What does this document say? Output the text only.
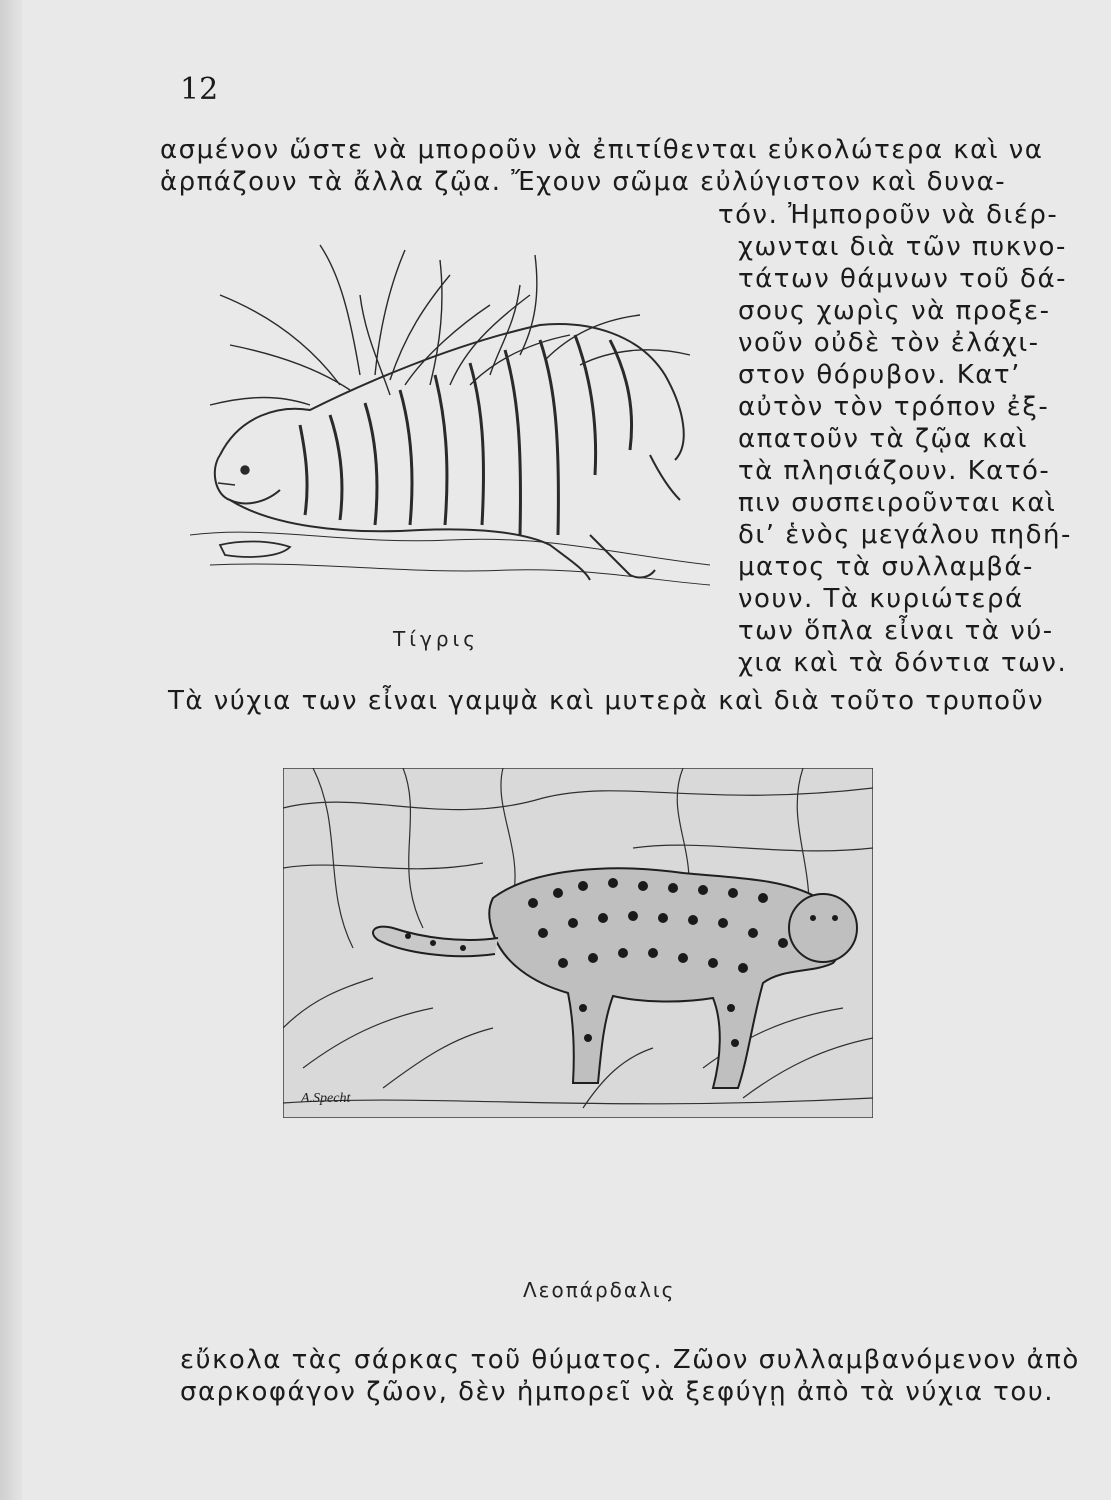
12
ασμένον ὥστε νὰ μποροῦν νὰ ἐπιτίθενται εὐκολώτερα καὶ να
ἁρπάζουν τὰ ἄλλα ζῷα. Ἔχουν σῶμα εὐλύγιστον καὶ δυνα-
τόν. Ἠμποροῦν νὰ διέρ-
χωνται διὰ τῶν πυκνο-
τάτων θάμνων τοῦ δά-
σους χωρὶς νὰ προξε-
νοῦν οὐδὲ τὸν ἐλάχι-
στον θόρυβον. Κατ’
αὐτὸν τὸν τρόπον ἐξ-
απατοῦν τὰ ζῷα καὶ
τὰ πλησιάζουν. Κατό-
πιν συσπειροῦνται καὶ
δι’ ἑνὸς μεγάλου πηδή-
ματος τὰ συλλαμβά-
νουν. Τὰ κυριώτερά
των ὅπλα εἶναι τὰ νύ-
χια καὶ τὰ δόντια των.
Τὰ νύχια των εἶναι γαμψὰ καὶ μυτερὰ καὶ διὰ τοῦτο τρυποῦν
Τίγρις
A.Specht
Λεοπάρδαλις
εὔκολα τὰς σάρκας τοῦ θύματος. Ζῶον συλλαμβανόμενον ἀπὸ
σαρκοφάγον ζῶον, δὲν ἠμπορεῖ νὰ ξεφύγῃ ἀπὸ τὰ νύχια του.
